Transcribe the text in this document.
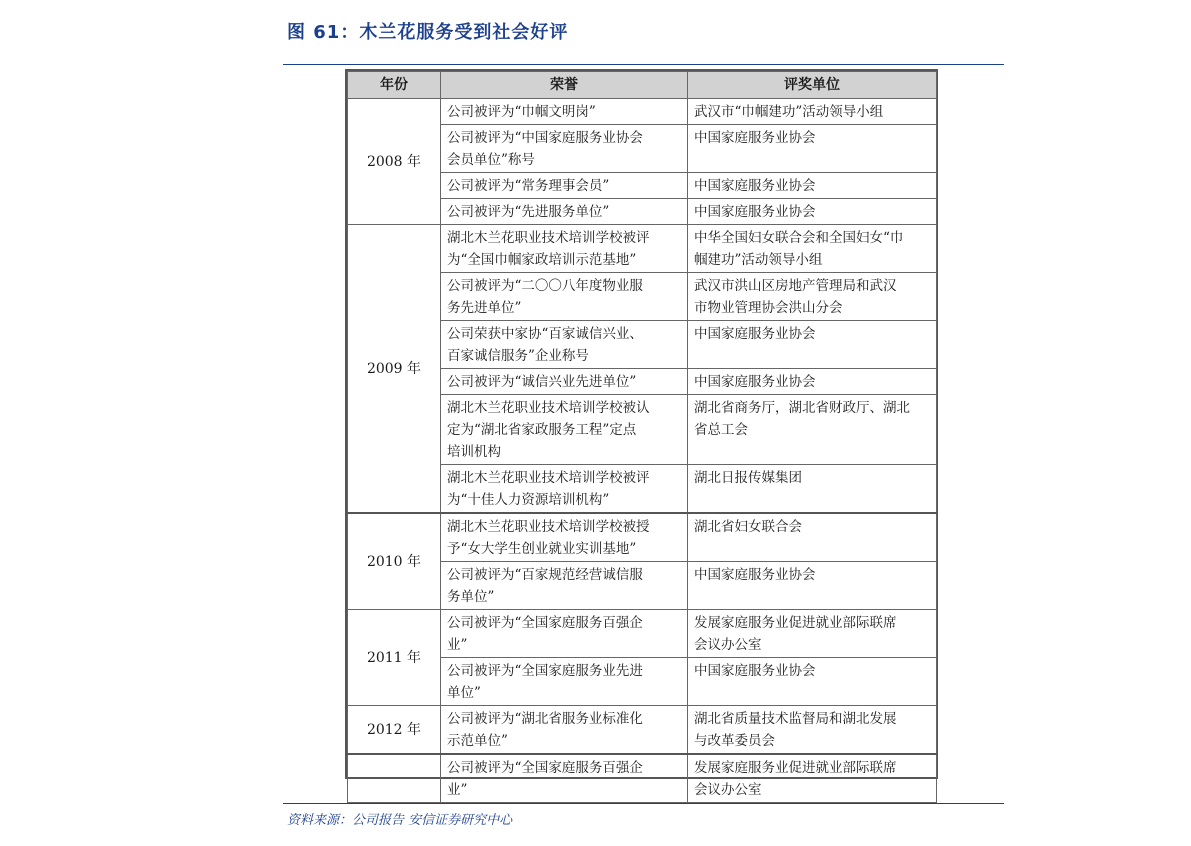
图 61：木兰花服务受到社会好评
年份	荣誉	评奖单位
2008 年	公司被评为“巾帼文明岗”	武汉市“巾帼建功”活动领导小组
	公司被评为“中国家庭服务业协会
会员单位”称号	中国家庭服务业协会
	公司被评为“常务理事会员”	中国家庭服务业协会
	公司被评为“先进服务单位”	中国家庭服务业协会
2009 年	湖北木兰花职业技术培训学校被评
为“全国巾帼家政培训示范基地”	中华全国妇女联合会和全国妇女“巾
帼建功”活动领导小组
	公司被评为“二〇〇八年度物业服
务先进单位”	武汉市洪山区房地产管理局和武汉
市物业管理协会洪山分会
	公司荣获中家协“百家诚信兴业、
百家诚信服务”企业称号	中国家庭服务业协会
	公司被评为“诚信兴业先进单位”	中国家庭服务业协会
	湖北木兰花职业技术培训学校被认
定为“湖北省家政服务工程”定点
培训机构	湖北省商务厅，湖北省财政厅、湖北
省总工会
	湖北木兰花职业技术培训学校被评
为“十佳人力资源培训机构”	湖北日报传媒集团
2010 年	湖北木兰花职业技术培训学校被授
予“女大学生创业就业实训基地”	湖北省妇女联合会
	公司被评为“百家规范经营诚信服
务单位”	中国家庭服务业协会
2011 年	公司被评为“全国家庭服务百强企
业”	发展家庭服务业促进就业部际联席
会议办公室
	公司被评为“全国家庭服务业先进
单位”	中国家庭服务业协会
2012 年	公司被评为“湖北省服务业标准化
示范单位”	湖北省质量技术监督局和湖北发展
与改革委员会
	公司被评为“全国家庭服务百强企
业”	发展家庭服务业促进就业部际联席
会议办公室
资料来源：公司报告 安信证券研究中心
